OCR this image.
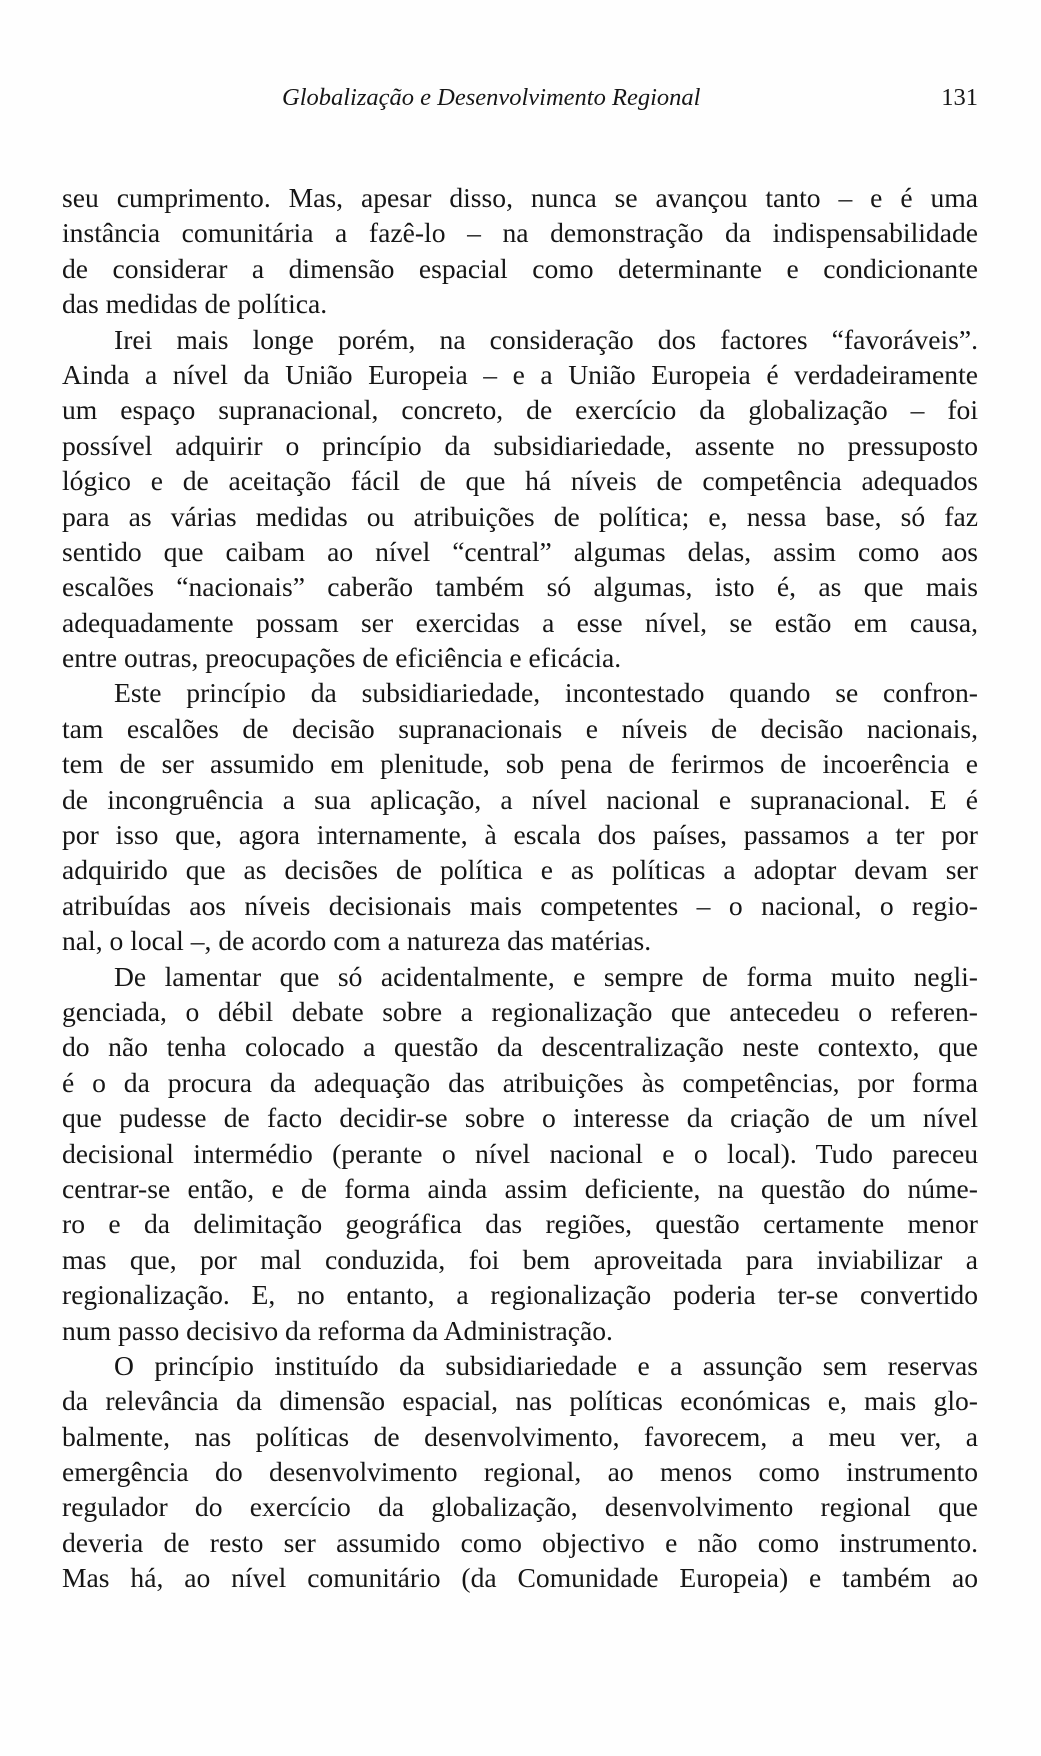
Globalização e Desenvolvimento Regional	131
seu cumprimento. Mas, apesar disso, nunca se avançou tanto – e é uma
instância comunitária a fazê-lo – na demonstração da indispensabilidade
de considerar a dimensão espacial como determinante e condicionante
das medidas de política.
Irei mais longe porém, na consideração dos factores “favoráveis”.
Ainda a nível da União Europeia – e a União Europeia é verdadeiramente
um espaço supranacional, concreto, de exercício da globalização – foi
possível adquirir o princípio da subsidiariedade, assente no pressuposto
lógico e de aceitação fácil de que há níveis de competência adequados
para as várias medidas ou atribuições de política; e, nessa base, só faz
sentido que caibam ao nível “central” algumas delas, assim como aos
escalões “nacionais” caberão também só algumas, isto é, as que mais
adequadamente possam ser exercidas a esse nível, se estão em causa,
entre outras, preocupações de eficiência e eficácia.
Este princípio da subsidiariedade, incontestado quando se confron-
tam escalões de decisão supranacionais e níveis de decisão nacionais,
tem de ser assumido em plenitude, sob pena de ferirmos de incoerência e
de incongruência a sua aplicação, a nível nacional e supranacional. E é
por isso que, agora internamente, à escala dos países, passamos a ter por
adquirido que as decisões de política e as políticas a adoptar devam ser
atribuídas aos níveis decisionais mais competentes – o nacional, o regio-
nal, o local –, de acordo com a natureza das matérias.
De lamentar que só acidentalmente, e sempre de forma muito negli-
genciada, o débil debate sobre a regionalização que antecedeu o referen-
do não tenha colocado a questão da descentralização neste contexto, que
é o da procura da adequação das atribuições às competências, por forma
que pudesse de facto decidir-se sobre o interesse da criação de um nível
decisional intermédio (perante o nível nacional e o local). Tudo pareceu
centrar-se então, e de forma ainda assim deficiente, na questão do núme-
ro e da delimitação geográfica das regiões, questão certamente menor
mas que, por mal conduzida, foi bem aproveitada para inviabilizar a
regionalização. E, no entanto, a regionalização poderia ter-se convertido
num passo decisivo da reforma da Administração.
O princípio instituído da subsidiariedade e a assunção sem reservas
da relevância da dimensão espacial, nas políticas económicas e, mais glo-
balmente, nas políticas de desenvolvimento, favorecem, a meu ver, a
emergência do desenvolvimento regional, ao menos como instrumento
regulador do exercício da globalização, desenvolvimento regional que
deveria de resto ser assumido como objectivo e não como instrumento.
Mas há, ao nível comunitário (da Comunidade Europeia) e também ao
